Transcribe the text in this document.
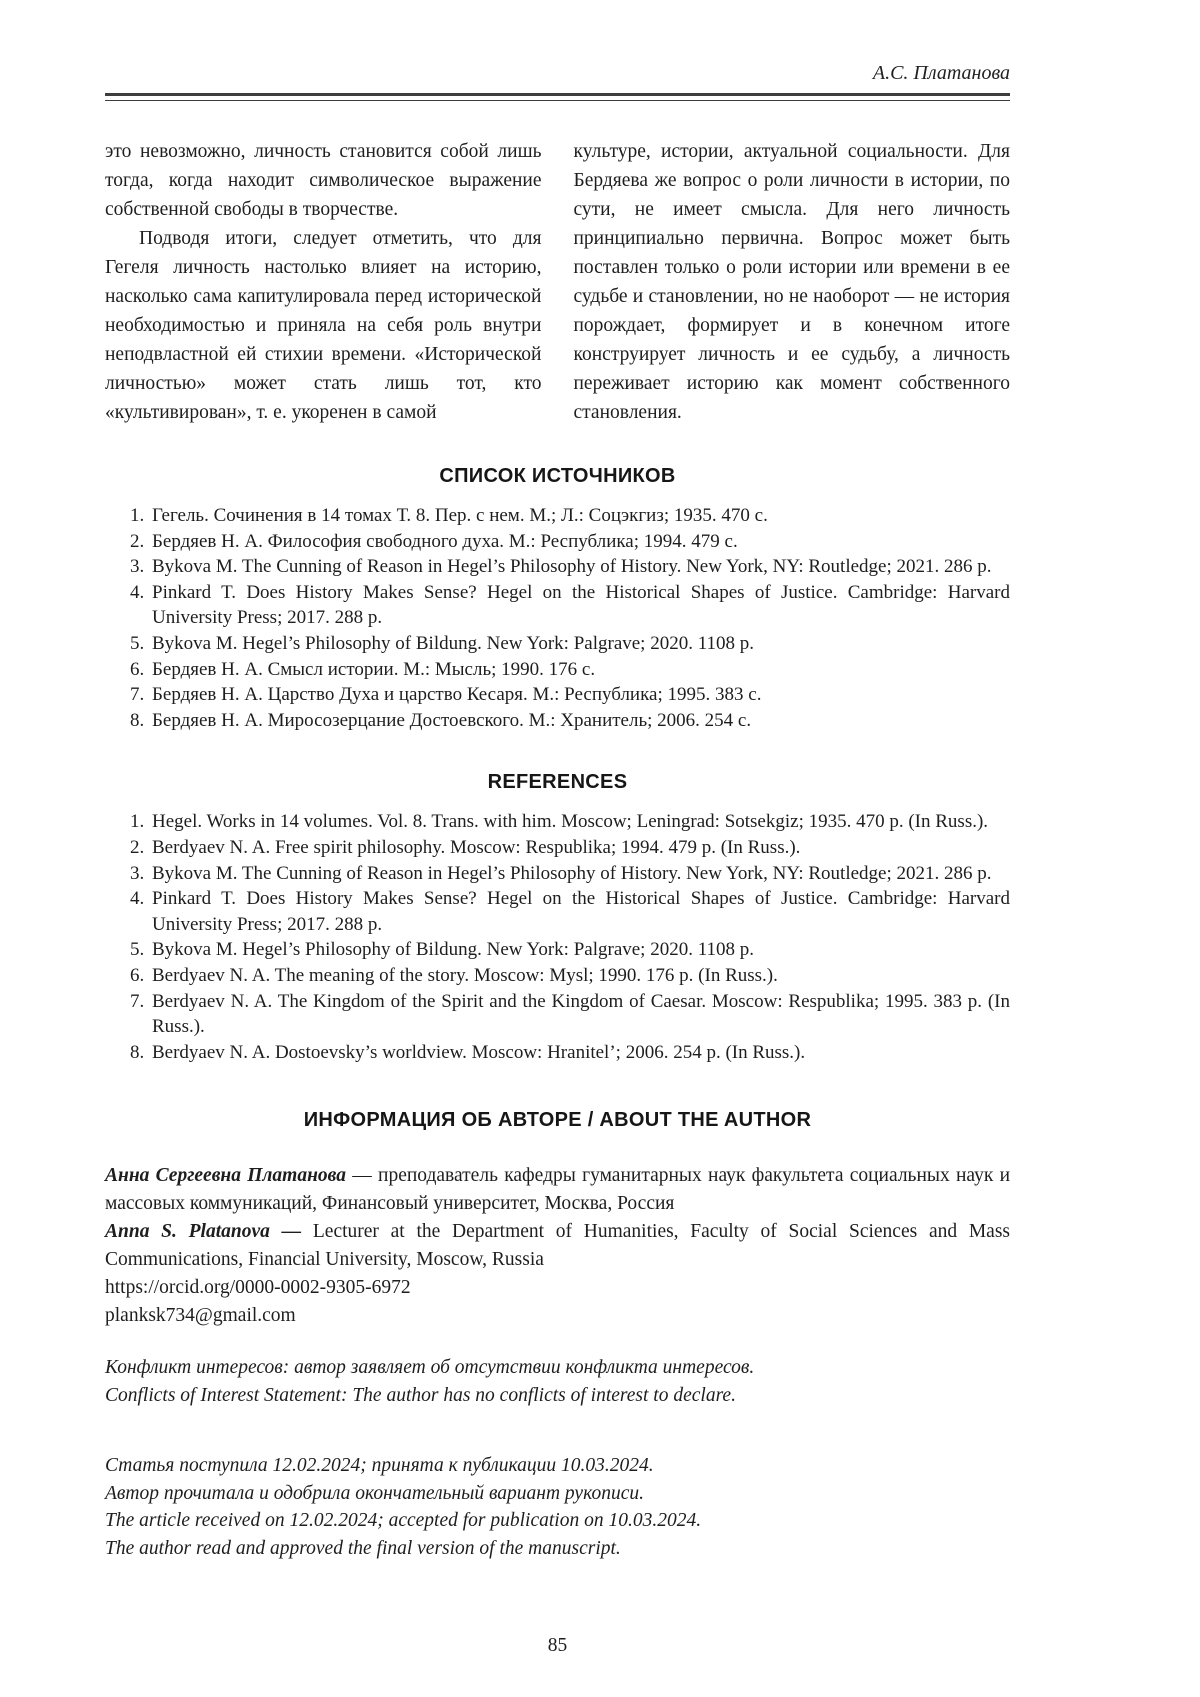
А.С. Платанова

это невозможно, личность становится собой лишь тогда, когда находит символическое выражение собственной свободы в творчестве.

Подводя итоги, следует отметить, что для Гегеля личность настолько влияет на историю, насколько сама капитулировала перед исторической необходимостью и приняла на себя роль внутри неподвластной ей стихии времени. «Исторической личностью» может стать лишь тот, кто «культивирован», т. е. укоренен в самой

культуре, истории, актуальной социальности. Для Бердяева же вопрос о роли личности в истории, по сути, не имеет смысла. Для него личность принципиально первична. Вопрос может быть поставлен только о роли истории или времени в ее судьбе и становлении, но не наоборот — не история порождает, формирует и в конечном итоге конструирует личность и ее судьбу, а личность переживает историю как момент собственного становления.

СПИСОК ИСТОЧНИКОВ
1. Гегель. Сочинения в 14 томах Т. 8. Пер. с нем. М.; Л.: Соцэкгиз; 1935. 470 с.
2. Бердяев Н. А. Философия свободного духа. М.: Республика; 1994. 479 с.
3. Bykova M. The Cunning of Reason in Hegel’s Philosophy of History. New York, NY: Routledge; 2021. 286 p.
4. Pinkard T. Does History Makes Sense? Hegel on the Historical Shapes of Justice. Cambridge: Harvard University Press; 2017. 288 p.
5. Bykova M. Hegel’s Philosophy of Bildung. New York: Palgrave; 2020. 1108 p.
6. Бердяев Н. А. Смысл истории. М.: Мысль; 1990. 176 с.
7. Бердяев Н. А. Царство Духа и царство Кесаря. М.: Республика; 1995. 383 с.
8. Бердяев Н. А. Миросозерцание Достоевского. М.: Хранитель; 2006. 254 с.
REFERENCES
1. Hegel. Works in 14 volumes. Vol. 8. Trans. with him. Moscow; Leningrad: Sotsekgiz; 1935. 470 p. (In Russ.).
2. Berdyaev N. A. Free spirit philosophy. Moscow: Respublika; 1994. 479 p. (In Russ.).
3. Bykova M. The Cunning of Reason in Hegel’s Philosophy of History. New York, NY: Routledge; 2021. 286 p.
4. Pinkard T. Does History Makes Sense? Hegel on the Historical Shapes of Justice. Cambridge: Harvard University Press; 2017. 288 p.
5. Bykova M. Hegel’s Philosophy of Bildung. New York: Palgrave; 2020. 1108 p.
6. Berdyaev N. A. The meaning of the story. Moscow: Mysl; 1990. 176 p. (In Russ.).
7. Berdyaev N. A. The Kingdom of the Spirit and the Kingdom of Caesar. Moscow: Respublika; 1995. 383 p. (In Russ.).
8. Berdyaev N. A. Dostoevsky’s worldview. Moscow: Hranitel’; 2006. 254 p. (In Russ.).
ИНФОРМАЦИЯ ОБ АВТОРЕ / ABOUT THE AUTHOR

Анна Сергеевна Платанова — преподаватель кафедры гуманитарных наук факультета социальных наук и массовых коммуникаций, Финансовый университет, Москва, Россия

Anna S. Platanova — Lecturer at the Department of Humanities, Faculty of Social Sciences and Mass Communications, Financial University, Moscow, Russia

https://orcid.org/0000-0002-9305-6972

planksk734@gmail.com

Конфликт интересов: автор заявляет об отсутствии конфликта интересов.

Conflicts of Interest Statement: The author has no conflicts of interest to declare.

Статья поступила 12.02.2024; принята к публикации 10.03.2024.

Автор прочитала и одобрила окончательный вариант рукописи.

The article received on 12.02.2024; accepted for publication on 10.03.2024.

The author read and approved the final version of the manuscript.

85
